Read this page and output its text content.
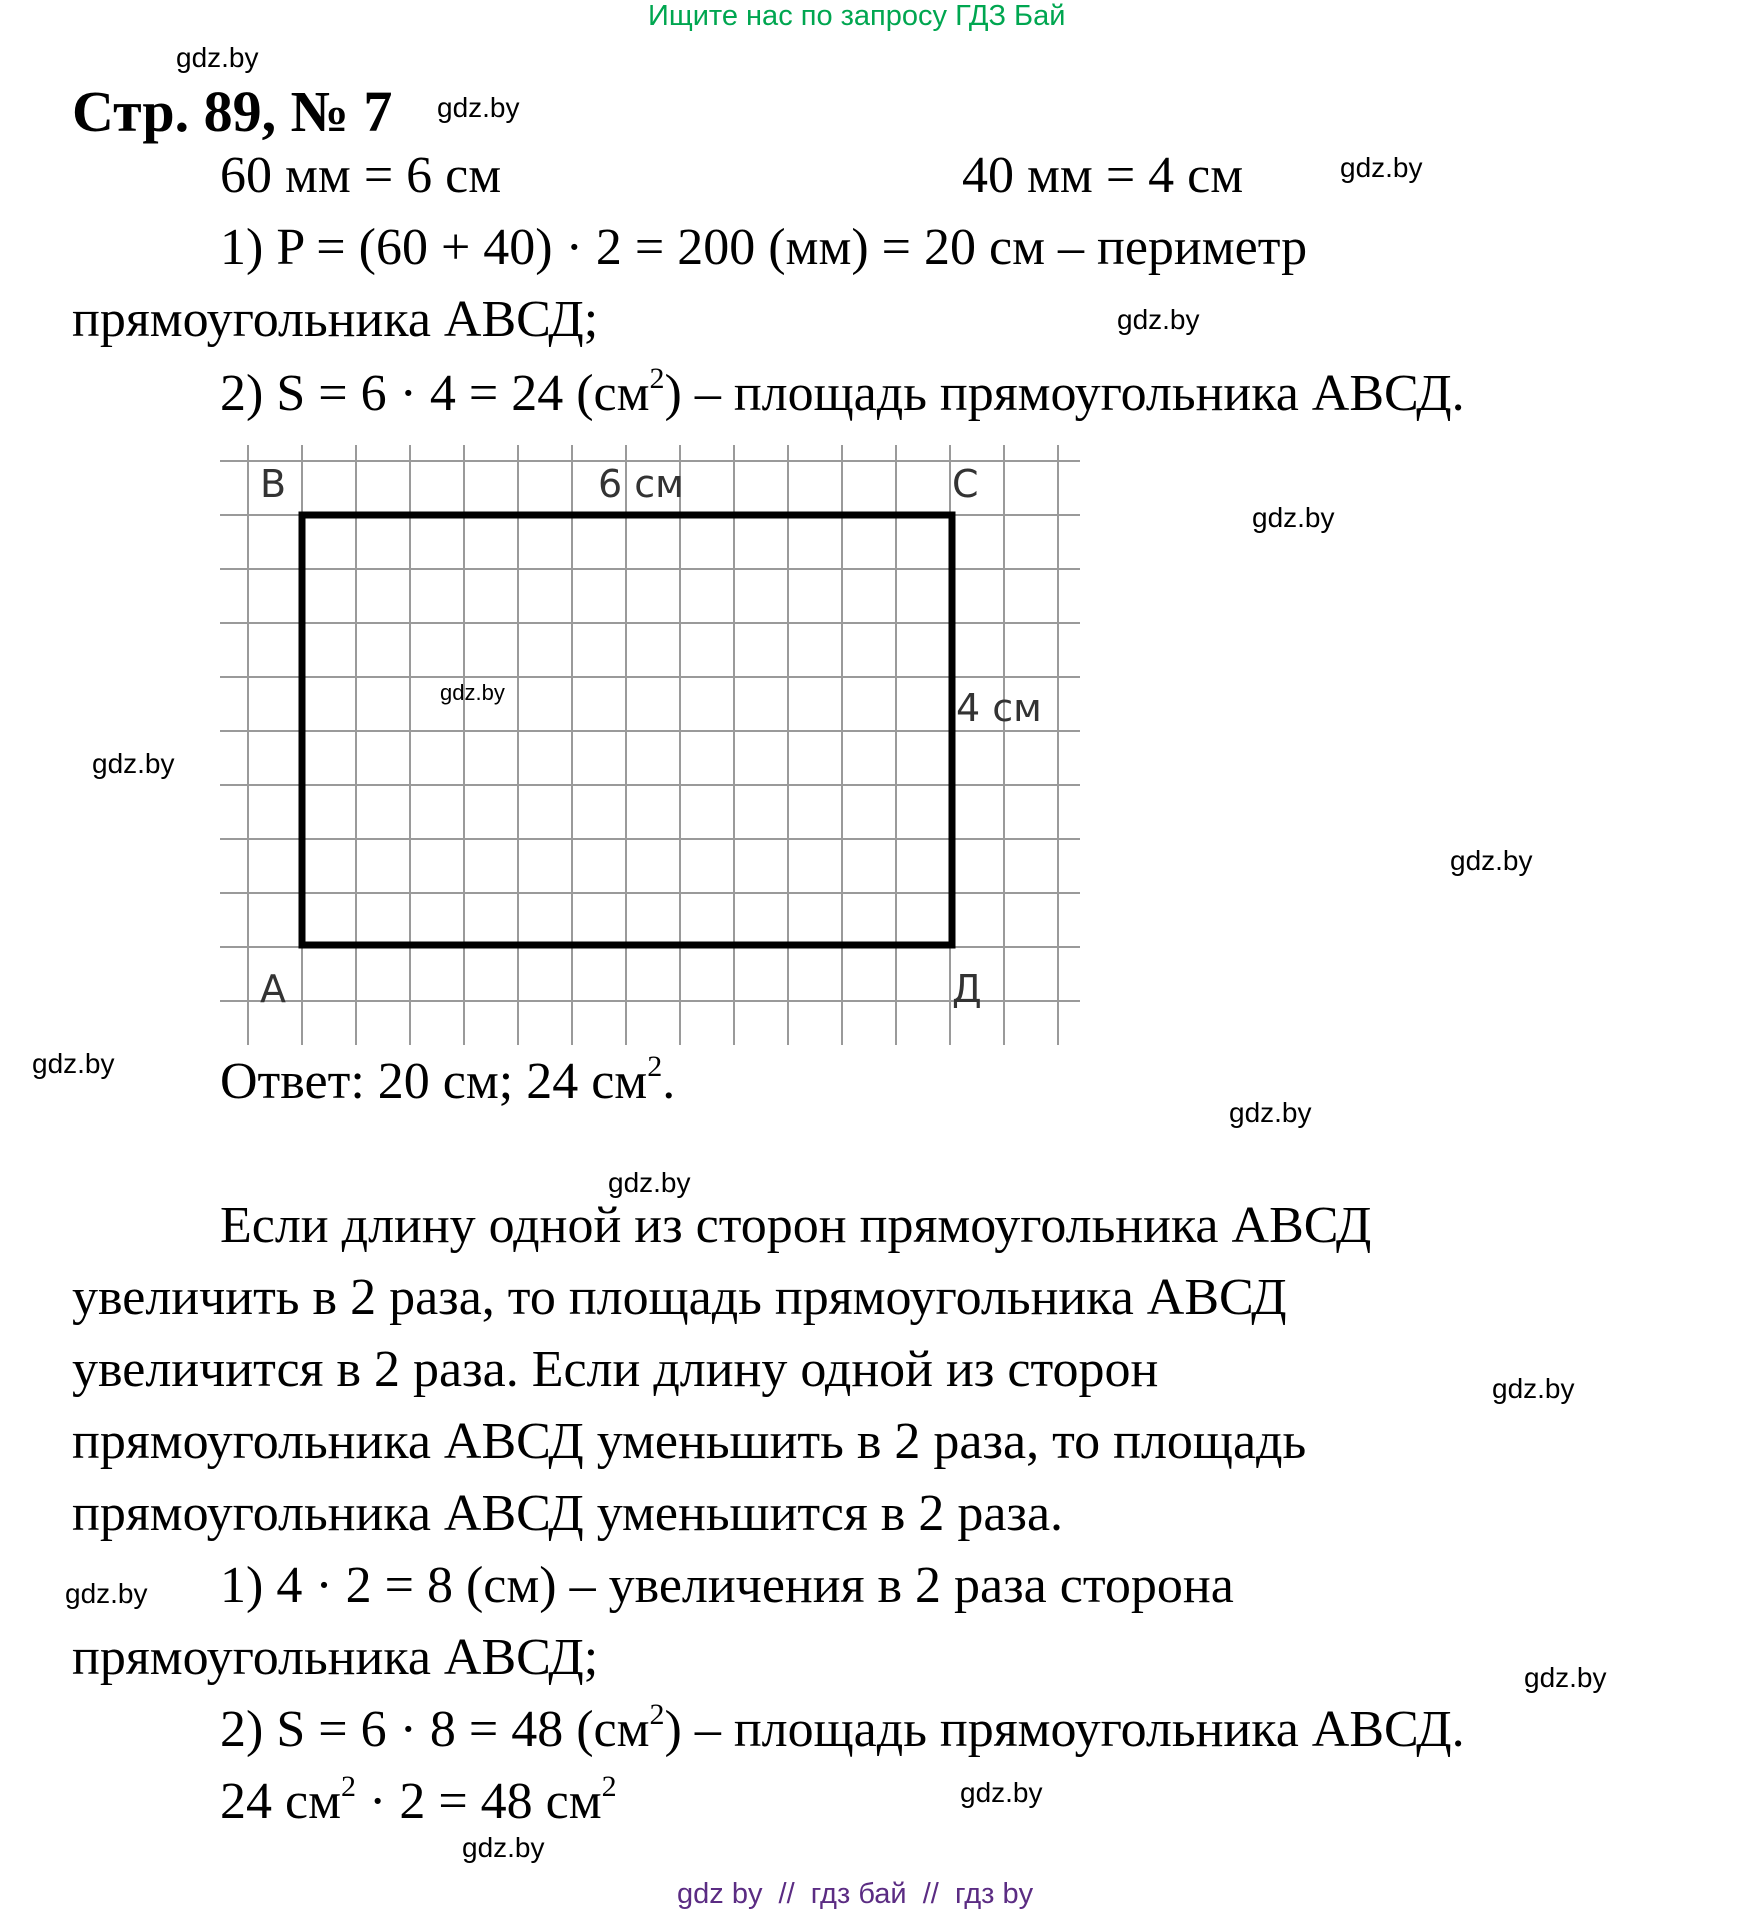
Ищите нас по запросу ГДЗ Бай
Стр. 89, № 7
gdz.by
gdz.by
gdz.by
gdz.by
gdz.by
gdz.by
gdz.by
gdz.by
gdz.by
gdz.by
gdz.by
gdz.by
gdz.by
gdz.by
gdz.by
gdz.by
60 мм = 6 см	40 мм = 4 см
1) P = (60 + 40) · 2 = 200 (мм) = 20 см – периметр
прямоугольника АВСД;
2) S = 6 · 4 = 24 $(см^2)$ – площадь прямоугольника АВСД.
B	C
A	Д
6 см
4 см
Ответ: 20 см; 24 $см^2$.
Если длину одной из сторон прямоугольника АВСД
увеличить в 2 раза, то площадь прямоугольника АВСД
увеличится в 2 раза. Если длину одной из сторон
прямоугольника АВСД уменьшить в 2 раза, то площадь
прямоугольника АВСД уменьшится в 2 раза.
1) 4 · 2 = 8 (см) – увеличения в 2 раза сторона
прямоугольника АВСД;
2) S = 6 · 8 = 48 $(см^2)$ – площадь прямоугольника АВСД.
24 $см^2 \cdot 2 = 48$ $см^2$
gdz by  //  гдз бай  //  гдз by
